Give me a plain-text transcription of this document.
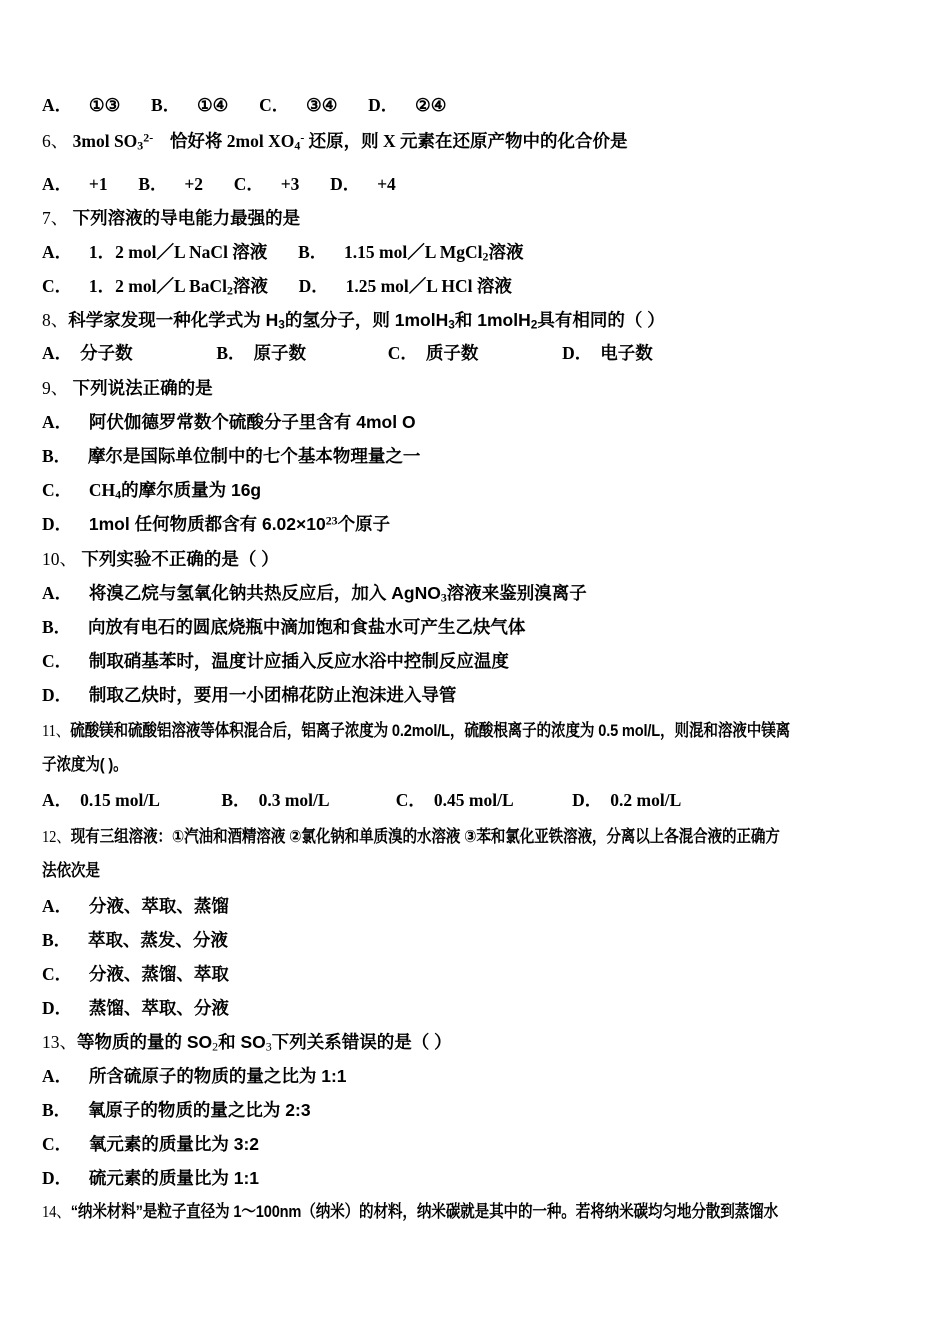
A． ①③ B． ①④ C． ③④ D． ②④
6、 3mol $SO_3^{2-}$ 恰好将 2mol $XO_4^-$ 还原，则 X 元素在还原产物中的化合价是
A． +1 B． +2 C． +3 D． +4
7、 下列溶液的导电能力最强的是
A． 1．2 mol／L NaCl 溶液 B． 1.15 mol／L MgCl$_2$溶液
C． 1．2 mol／L BaCl$_2$溶液 D． 1.25 mol／L HCl 溶液
8、科学家发现一种化学式为 $H_3$的氢分子，则 1molH$_3$和 1molH$_2$具有相同的（ ）
A． 分子数	B． 原子数	C． 质子数	D． 电子数
9、 下列说法正确的是
A． 阿伏伽德罗常数个硫酸分子里含有 4mol O
B． 摩尔是国际单位制中的七个基本物理量之一
C． $CH_4$的摩尔质量为 16g
D． 1mol 任何物质都含有 $6.02\times 10^{23}$个原子
10、 下列实验不正确的是（ ）
A． 将溴乙烷与氢氧化钠共热反应后，加入 AgNO$_3$溶液来鉴别溴离子
B． 向放有电石的圆底烧瓶中滴加饱和食盐水可产生乙炔气体
C． 制取硝基苯时，温度计应插入反应水浴中控制反应温度
D． 制取乙炔时，要用一小团棉花防止泡沫进入导管
11、硫酸镁和硫酸铝溶液等体积混合后，铝离子浓度为 0.2mol/L，硫酸根离子的浓度为 0.5 mol/L，则混和溶液中镁离
子浓度为( )。
A． 0.15 mol/L	B． 0.3 mol/L	C． 0.45 mol/L	D． 0.2 mol/L
12、现有三组溶液：①汽油和酒精溶液 ②氯化钠和单质溴的水溶液 ③苯和氯化亚铁溶液，分离以上各混合液的正确方
法依次是
A． 分液、萃取、蒸馏
B． 萃取、蒸发、分液
C． 分液、蒸馏、萃取
D． 蒸馏、萃取、分液
13、等物质的量的 $SO_2$和 $SO_3$下列关系错误的是（ ）
A． 所含硫原子的物质的量之比为 1:1
B． 氧原子的物质的量之比为 2:3
C． 氧元素的质量比为 3:2
D． 硫元素的质量比为 1:1
14、“纳米材料”是粒子直径为 1～100nm（纳米）的材料，纳米碳就是其中的一种。若将纳米碳均匀地分散到蒸馏水
